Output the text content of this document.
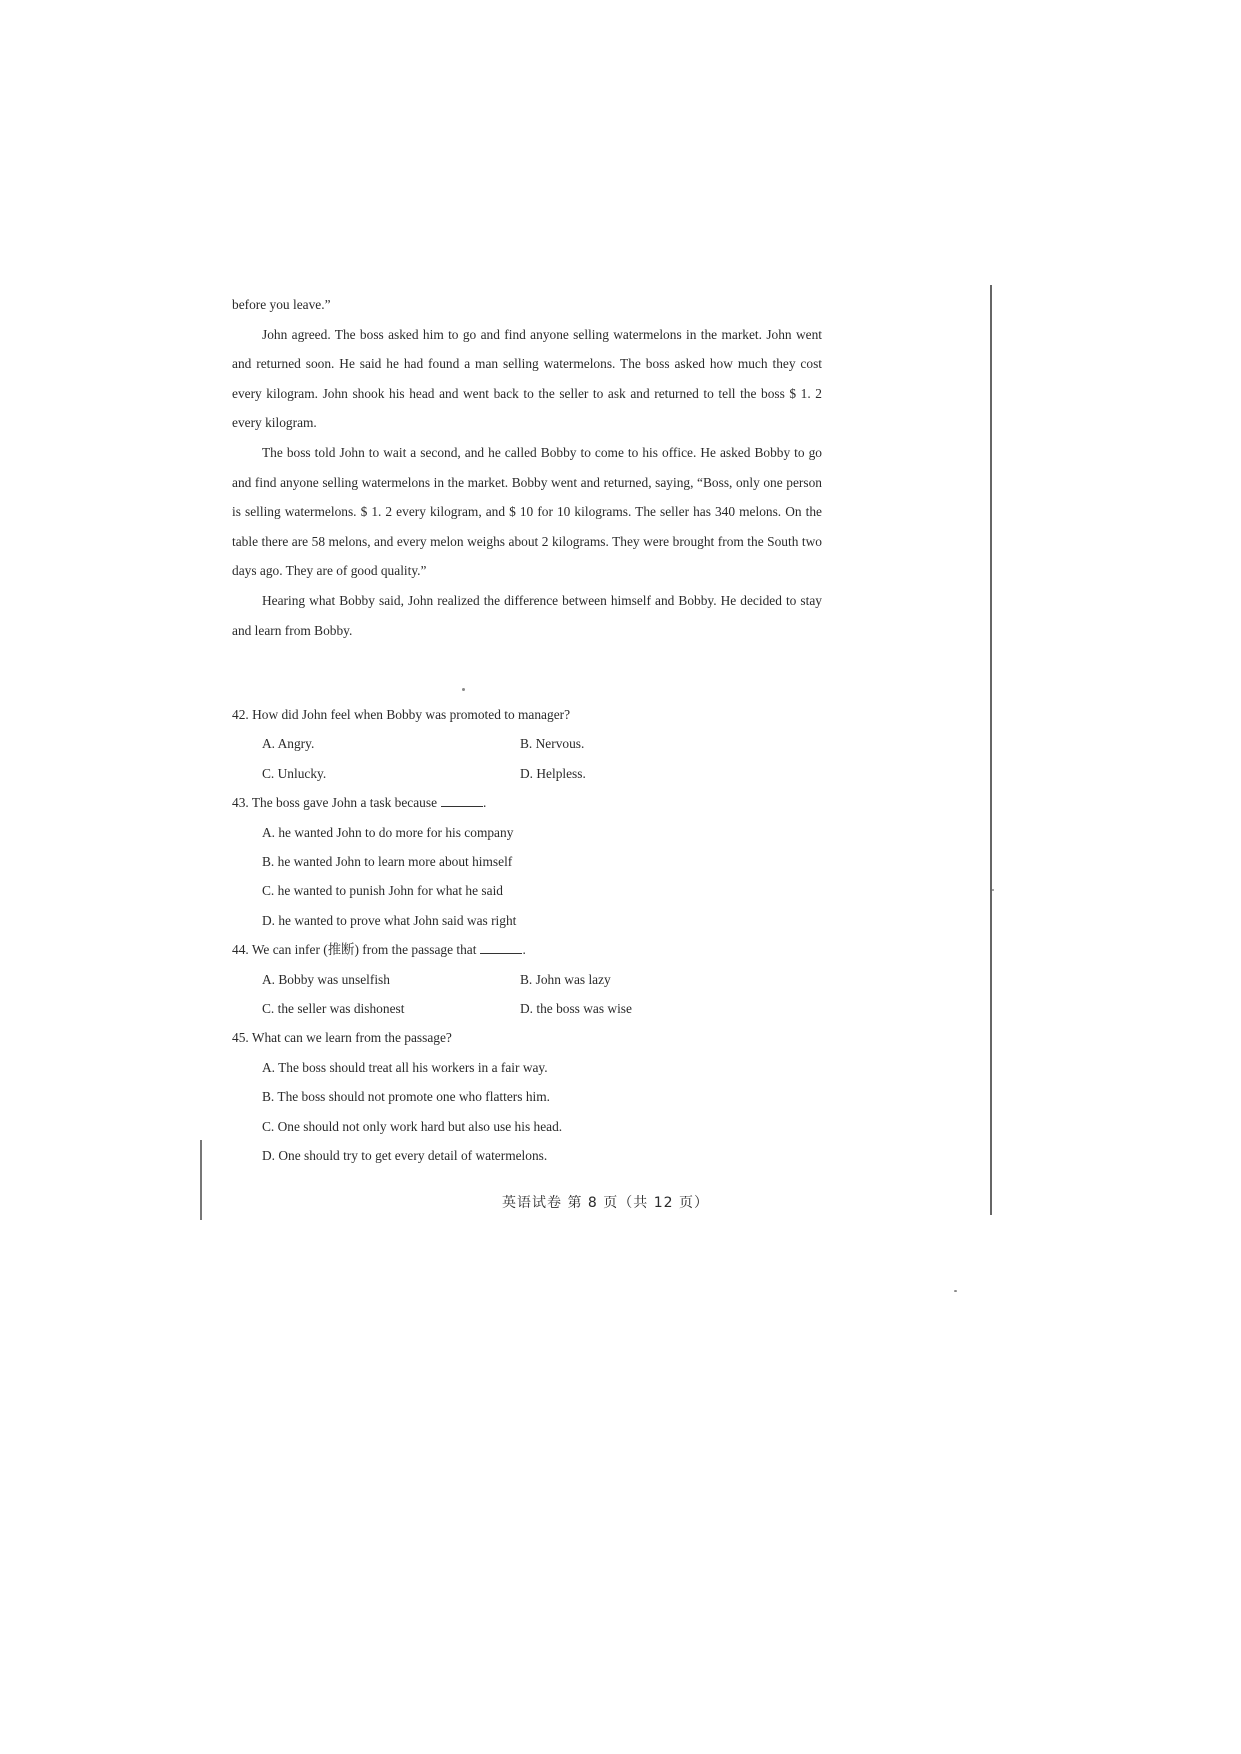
before you leave.”

John agreed. The boss asked him to go and find anyone selling watermelons in the market. John went and returned soon. He said he had found a man selling watermelons. The boss asked how much they cost every kilogram. John shook his head and went back to the seller to ask and returned to tell the boss $ 1. 2 every kilogram.

The boss told John to wait a second, and he called Bobby to come to his office. He asked Bobby to go and find anyone selling watermelons in the market. Bobby went and returned, saying, “Boss, only one person is selling watermelons. $ 1. 2 every kilogram, and $ 10 for 10 kilograms. The seller has 340 melons. On the table there are 58 melons, and every melon weighs about 2 kilograms. They were brought from the South two days ago. They are of good quality.”

Hearing what Bobby said, John realized the difference between himself and Bobby. He decided to stay and learn from Bobby.

42. How did John feel when Bobby was promoted to manager?
A. Angry.	B. Nervous.
C. Unlucky.	D. Helpless.
43. The boss gave John a task because	.
A. he wanted John to do more for his company
B. he wanted John to learn more about himself
C. he wanted to punish John for what he said
D. he wanted to prove what John said was right
44. We can infer (推断) from the passage that	.
A. Bobby was unselfish	B. John was lazy
C. the seller was dishonest	D. the boss was wise
45. What can we learn from the passage?
A. The boss should treat all his workers in a fair way.
B. The boss should not promote one who flatters him.
C. One should not only work hard but also use his head.
D. One should try to get every detail of watermelons.
英语试卷 第 8 页（共 12 页）
